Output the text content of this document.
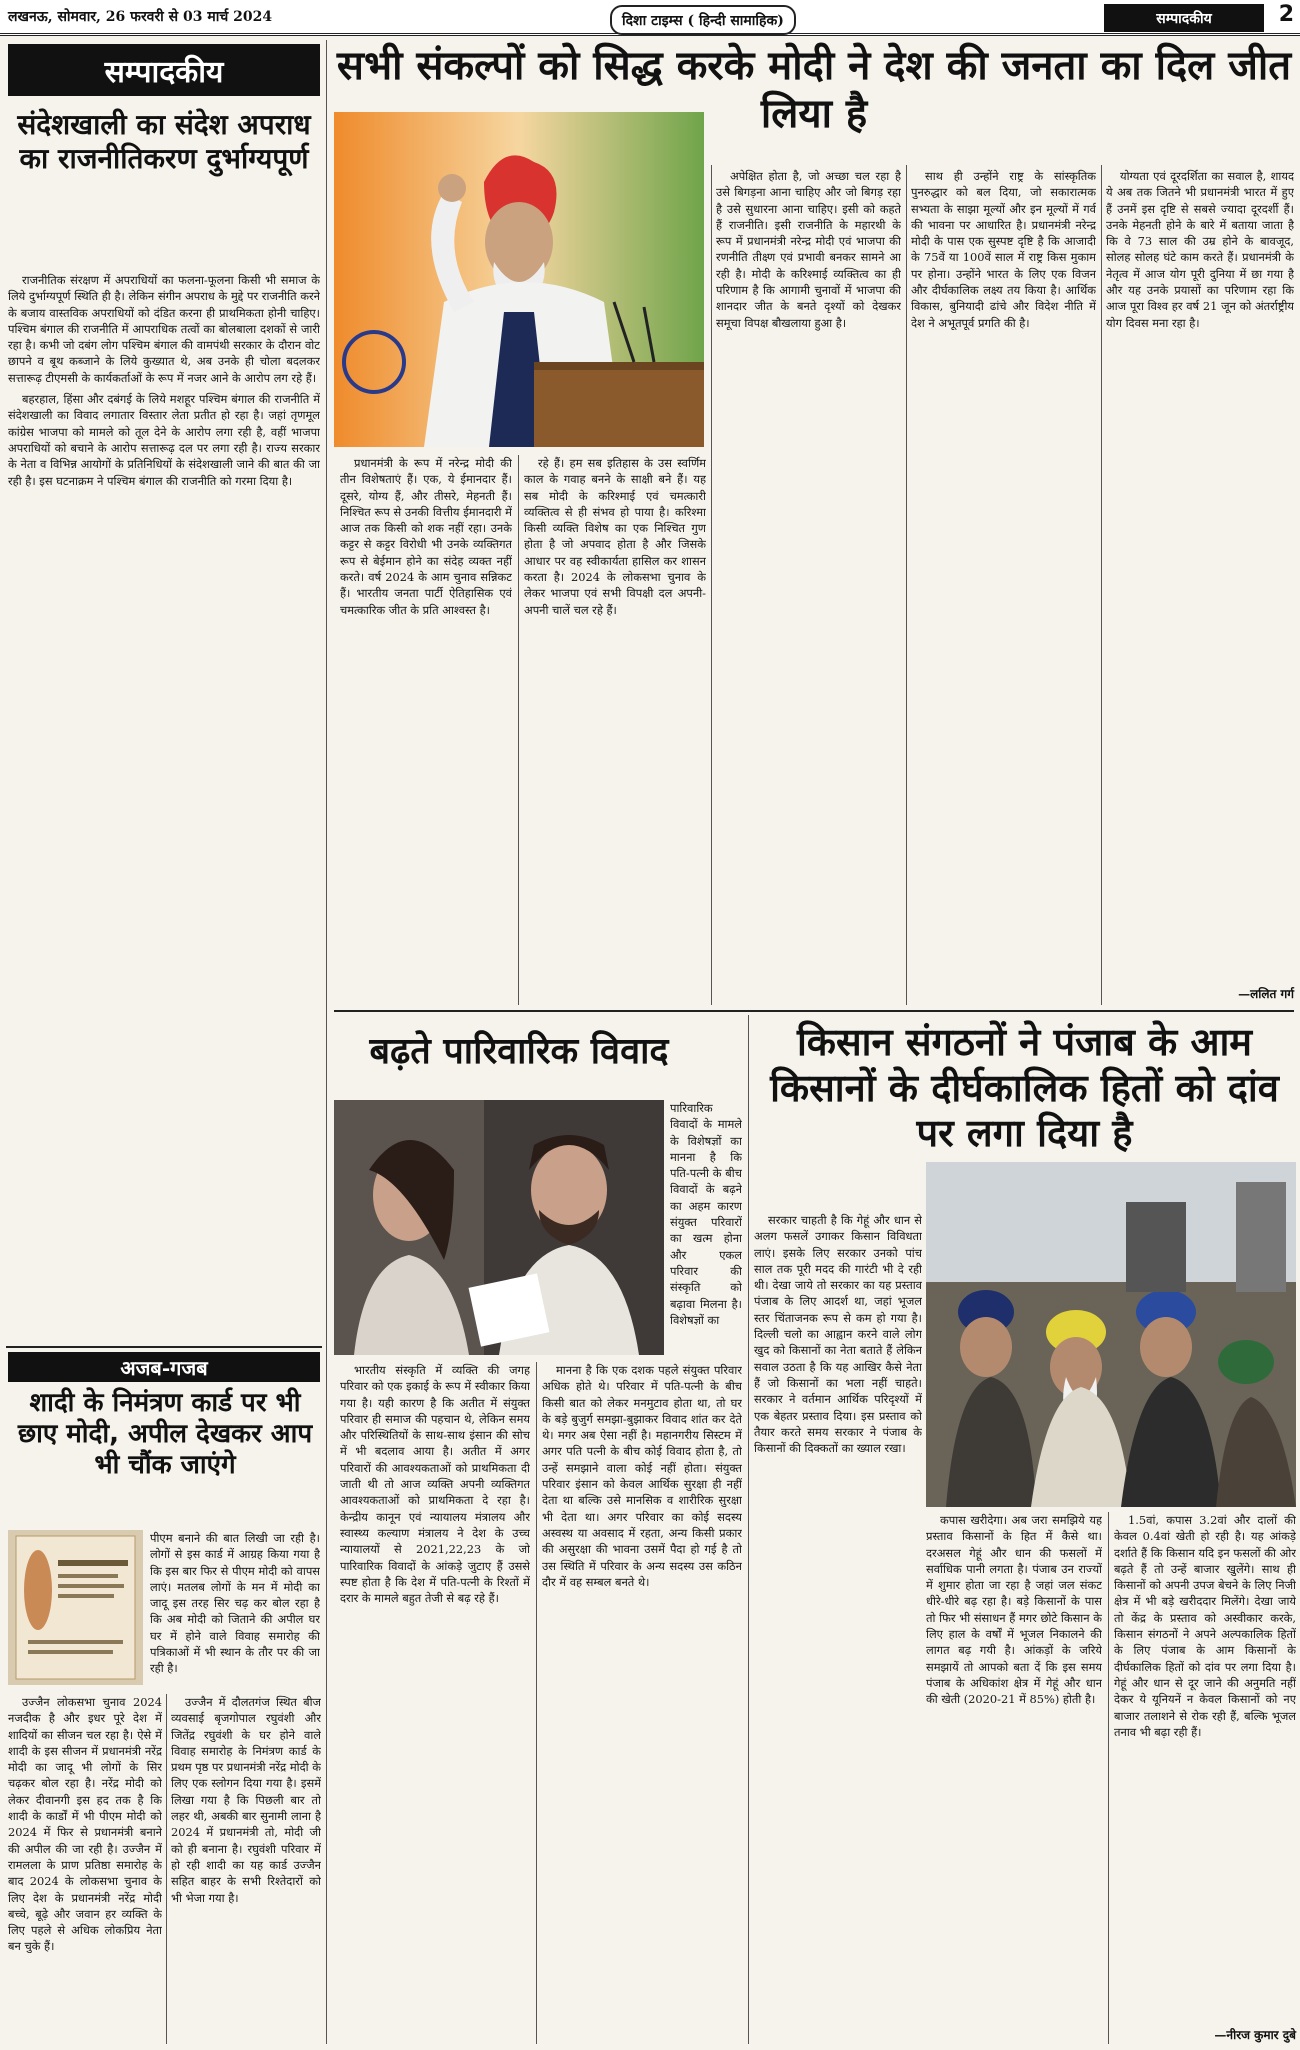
लखनऊ, सोमवार, 26 फरवरी से 03 मार्च 2024	दिशा टाइम्स ( हिन्दी सामाहिक)	सम्पादकीय	2
सम्पादकीय
संदेशखाली का संदेश अपराध का राजनीतिकरण दुर्भाग्यपूर्ण

राजनीतिक संरक्षण में अपराधियों का फलना-फूलना किसी भी समाज के लिये दुर्भाग्यपूर्ण स्थिति ही है। लेकिन संगीन अपराध के मुद्दे पर राजनीति करने के बजाय वास्तविक अपराधियों को दंडित करना ही प्राथमिकता होनी चाहिए। पश्चिम बंगाल की राजनीति में आपराधिक तत्वों का बोलबाला दशकों से जारी रहा है। कभी जो दबंग लोग पश्चिम बंगाल की वामपंथी सरकार के दौरान वोट छापने व बूथ कब्जाने के लिये कुख्यात थे, अब उनके ही चोला बदलकर सत्तारूढ़ टीएमसी के कार्यकर्ताओं के रूप में नजर आने के आरोप लग रहे हैं।

बहरहाल, हिंसा और दबंगई के लिये मशहूर पश्चिम बंगाल की राजनीति में संदेशखाली का विवाद लगातार विस्तार लेता प्रतीत हो रहा है। जहां तृणमूल कांग्रेस भाजपा को मामले को तूल देने के आरोप लगा रही है, वहीं भाजपा अपराधियों को बचाने के आरोप सत्तारूढ़ दल पर लगा रही है। राज्य सरकार के नेता व विभिन्न आयोगों के प्रतिनिधियों के संदेशखाली जाने की बात की जा रही है। इस घटनाक्रम ने पश्चिम बंगाल की राजनीति को गरमा दिया है।

सभी संकल्पों को सिद्ध करके मोदी ने देश की जनता का दिल जीत लिया है

प्रधानमंत्री के रूप में नरेन्द्र मोदी की तीन विशेषताएं हैं। एक, ये ईमानदार हैं। दूसरे, योग्य हैं, और तीसरे, मेहनती हैं। निश्चित रूप से उनकी वित्तीय ईमानदारी में आज तक किसी को शक नहीं रहा। उनके कट्टर से कट्टर विरोधी भी उनके व्यक्तिगत रूप से बेईमान होने का संदेह व्यक्त नहीं करते। वर्ष 2024 के आम चुनाव सन्निकट हैं। भारतीय जनता पार्टी ऐतिहासिक एवं चमत्कारिक जीत के प्रति आश्वस्त है।

रहे हैं। हम सब इतिहास के उस स्वर्णिम काल के गवाह बनने के साक्षी बने हैं। यह सब मोदी के करिश्माई एवं चमत्कारी व्यक्तित्व से ही संभव हो पाया है। करिश्मा किसी व्यक्ति विशेष का एक निश्चित गुण होता है जो अपवाद होता है और जिसके आधार पर वह स्वीकार्यता हासिल कर शासन करता है। 2024 के लोकसभा चुनाव के लेकर भाजपा एवं सभी विपक्षी दल अपनी-अपनी चालें चल रहे हैं।

अपेक्षित होता है, जो अच्छा चल रहा है उसे बिगड़ना आना चाहिए और जो बिगड़ रहा है उसे सुधारना आना चाहिए। इसी को कहते हैं राजनीति। इसी राजनीति के महारथी के रूप में प्रधानमंत्री नरेन्द्र मोदी एवं भाजपा की रणनीति तीक्ष्ण एवं प्रभावी बनकर सामने आ रही है। मोदी के करिश्माई व्यक्तित्व का ही परिणाम है कि आगामी चुनावों में भाजपा की शानदार जीत के बनते दृश्यों को देखकर समूचा विपक्ष बौखलाया हुआ है।

साथ ही उन्होंने राष्ट्र के सांस्कृतिक पुनरुद्धार को बल दिया, जो सकारात्मक सभ्यता के साझा मूल्यों और इन मूल्यों में गर्व की भावना पर आधारित है। प्रधानमंत्री नरेन्द्र मोदी के पास एक सुस्पष्ट दृष्टि है कि आजादी के 75वें या 100वें साल में राष्ट्र किस मुकाम पर होना। उन्होंने भारत के लिए एक विजन और दीर्घकालिक लक्ष्य तय किया है। आर्थिक विकास, बुनियादी ढांचे और विदेश नीति में देश ने अभूतपूर्व प्रगति की है।

योग्यता एवं दूरदर्शिता का सवाल है, शायद ये अब तक जितने भी प्रधानमंत्री भारत में हुए हैं उनमें इस दृष्टि से सबसे ज्यादा दूरदर्शी हैं। उनके मेहनती होने के बारे में बताया जाता है कि वे 73 साल की उम्र होने के बावजूद, सोलह सोलह घंटे काम करते हैं। प्रधानमंत्री के नेतृत्व में आज योग पूरी दुनिया में छा गया है और यह उनके प्रयासों का परिणाम रहा कि आज पूरा विश्व हर वर्ष 21 जून को अंतर्राष्ट्रीय योग दिवस मना रहा है।

—ललित गर्ग
बढ़ते पारिवारिक विवाद

पारिवारिक विवादों के मामले के विशेषज्ञों का मानना है कि पति-पत्नी के बीच विवादों के बढ़ने का अहम कारण संयुक्त परिवारों का खत्म होना और एकल परिवार की संस्कृति को बढ़ावा मिलना है। विशेषज्ञों का

भारतीय संस्कृति में व्यक्ति की जगह परिवार को एक इकाई के रूप में स्वीकार किया गया है। यही कारण है कि अतीत में संयुक्त परिवार ही समाज की पहचान थे, लेकिन समय और परिस्थितियों के साथ-साथ इंसान की सोच में भी बदलाव आया है। अतीत में अगर परिवारों की आवश्यकताओं को प्राथमिकता दी जाती थी तो आज व्यक्ति अपनी व्यक्तिगत आवश्यकताओं को प्राथमिकता दे रहा है। केन्द्रीय कानून एवं न्यायालय मंत्रालय और स्वास्थ्य कल्याण मंत्रालय ने देश के उच्च न्यायालयों से 2021,22,23 के जो पारिवारिक विवादों के आंकड़े जुटाए हैं उससे स्पष्ट होता है कि देश में पति-पत्नी के रिश्तों में दरार के मामले बहुत तेजी से बढ़ रहे हैं।

मानना है कि एक दशक पहले संयुक्त परिवार अधिक होते थे। परिवार में पति-पत्नी के बीच किसी बात को लेकर मनमुटाव होता था, तो घर के बड़े बुजुर्ग समझा-बुझाकर विवाद शांत कर देते थे। मगर अब ऐसा नहीं है। महानगरीय सिस्टम में अगर पति पत्नी के बीच कोई विवाद होता है, तो उन्हें समझाने वाला कोई नहीं होता। संयुक्त परिवार इंसान को केवल आर्थिक सुरक्षा ही नहीं देता था बल्कि उसे मानसिक व शारीरिक सुरक्षा भी देता था। अगर परिवार का कोई सदस्य अस्वस्थ या अवसाद में रहता, अन्य किसी प्रकार की असुरक्षा की भावना उसमें पैदा हो गई है तो उस स्थिति में परिवार के अन्य सदस्य उस कठिन दौर में वह सम्बल बनते थे।

किसान संगठनों ने पंजाब के आम किसानों के दीर्घकालिक हितों को दांव पर लगा दिया है

सरकार चाहती है कि गेहूं और धान से अलग फसलें उगाकर किसान विविधता लाएं। इसके लिए सरकार उनको पांच साल तक पूरी मदद की गारंटी भी दे रही थी। देखा जाये तो सरकार का यह प्रस्ताव पंजाब के लिए आदर्श था, जहां भूजल स्तर चिंताजनक रूप से कम हो गया है। दिल्ली चलो का आह्वान करने वाले लोग खुद को किसानों का नेता बताते हैं लेकिन सवाल उठता है कि यह आखिर कैसे नेता हैं जो किसानों का भला नहीं चाहते। सरकार ने वर्तमान आर्थिक परिदृश्यों में एक बेहतर प्रस्ताव दिया। इस प्रस्ताव को तैयार करते समय सरकार ने पंजाब के किसानों की दिक्कतों का ख्याल रखा।

कपास खरीदेगा। अब जरा समझिये यह प्रस्ताव किसानों के हित में कैसे था। दरअसल गेहूं और धान की फसलों में सर्वाधिक पानी लगता है। पंजाब उन राज्यों में शुमार होता जा रहा है जहां जल संकट धीरे-धीरे बढ़ रहा है। बड़े किसानों के पास तो फिर भी संसाधन हैं मगर छोटे किसान के लिए हाल के वर्षों में भूजल निकालने की लागत बढ़ गयी है। आंकड़ों के जरिये समझायें तो आपको बता दें कि इस समय पंजाब के अधिकांश क्षेत्र में गेहूं और धान की खेती (2020-21 में 85%) होती है।

1.5वां, कपास 3.2वां और दालों की केवल 0.4वां खेती हो रही है। यह आंकड़े दर्शाते हैं कि किसान यदि इन फसलों की ओर बढ़ते हैं तो उन्हें बाजार खुलेंगे। साथ ही किसानों को अपनी उपज बेचने के लिए निजी क्षेत्र में भी बड़े खरीददार मिलेंगे। देखा जाये तो केंद्र के प्रस्ताव को अस्वीकार करके, किसान संगठनों ने अपने अल्पकालिक हितों के लिए पंजाब के आम किसानों के दीर्घकालिक हितों को दांव पर लगा दिया है। गेहूं और धान से दूर जाने की अनुमति नहीं देकर ये यूनियनें न केवल किसानों को नए बाजार तलाशने से रोक रही हैं, बल्कि भूजल तनाव भी बढ़ा रही हैं।

—नीरज कुमार दुबे
अजब-गजब
शादी के निमंत्रण कार्ड पर भी छाए मोदी, अपील देखकर आप भी चौंक जाएंगे

पीएम बनाने की बात लिखी जा रही है। लोगों से इस कार्ड में आग्रह किया गया है कि इस बार फिर से पीएम मोदी को वापस लाएं। मतलब लोगों के मन में मोदी का जादू इस तरह सिर चढ़ कर बोल रहा है कि अब मोदी को जिताने की अपील घर घर में होने वाले विवाह समारोह की पत्रिकाओं में भी स्थान के तौर पर की जा रही है।

उज्जैन लोकसभा चुनाव 2024 नजदीक है और इधर पूरे देश में शादियों का सीजन चल रहा है। ऐसे में शादी के इस सीजन में प्रधानमंत्री नरेंद्र मोदी का जादू भी लोगों के सिर चढ़कर बोल रहा है। नरेंद्र मोदी को लेकर दीवानगी इस हद तक है कि शादी के कार्डों में भी पीएम मोदी को 2024 में फिर से प्रधानमंत्री बनाने की अपील की जा रही है। उज्जैन में रामलला के प्राण प्रतिष्ठा समारोह के बाद 2024 के लोकसभा चुनाव के लिए देश के प्रधानमंत्री नरेंद्र मोदी बच्चे, बूढ़े और जवान हर व्यक्ति के लिए पहले से अधिक लोकप्रिय नेता बन चुके हैं।

उज्जैन में दौलतगंज स्थित बीज व्यवसाई बृजगोपाल रघुवंशी और जितेंद्र रघुवंशी के घर होने वाले विवाह समारोह के निमंत्रण कार्ड के प्रथम पृष्ठ पर प्रधानमंत्री नरेंद्र मोदी के लिए एक स्लोगन दिया गया है। इसमें लिखा गया है कि पिछली बार तो लहर थी, अबकी बार सुनामी लाना है 2024 में प्रधानमंत्री तो, मोदी जी को ही बनाना है। रघुवंशी परिवार में हो रही शादी का यह कार्ड उज्जैन सहित बाहर के सभी रिश्तेदारों को भी भेजा गया है।
